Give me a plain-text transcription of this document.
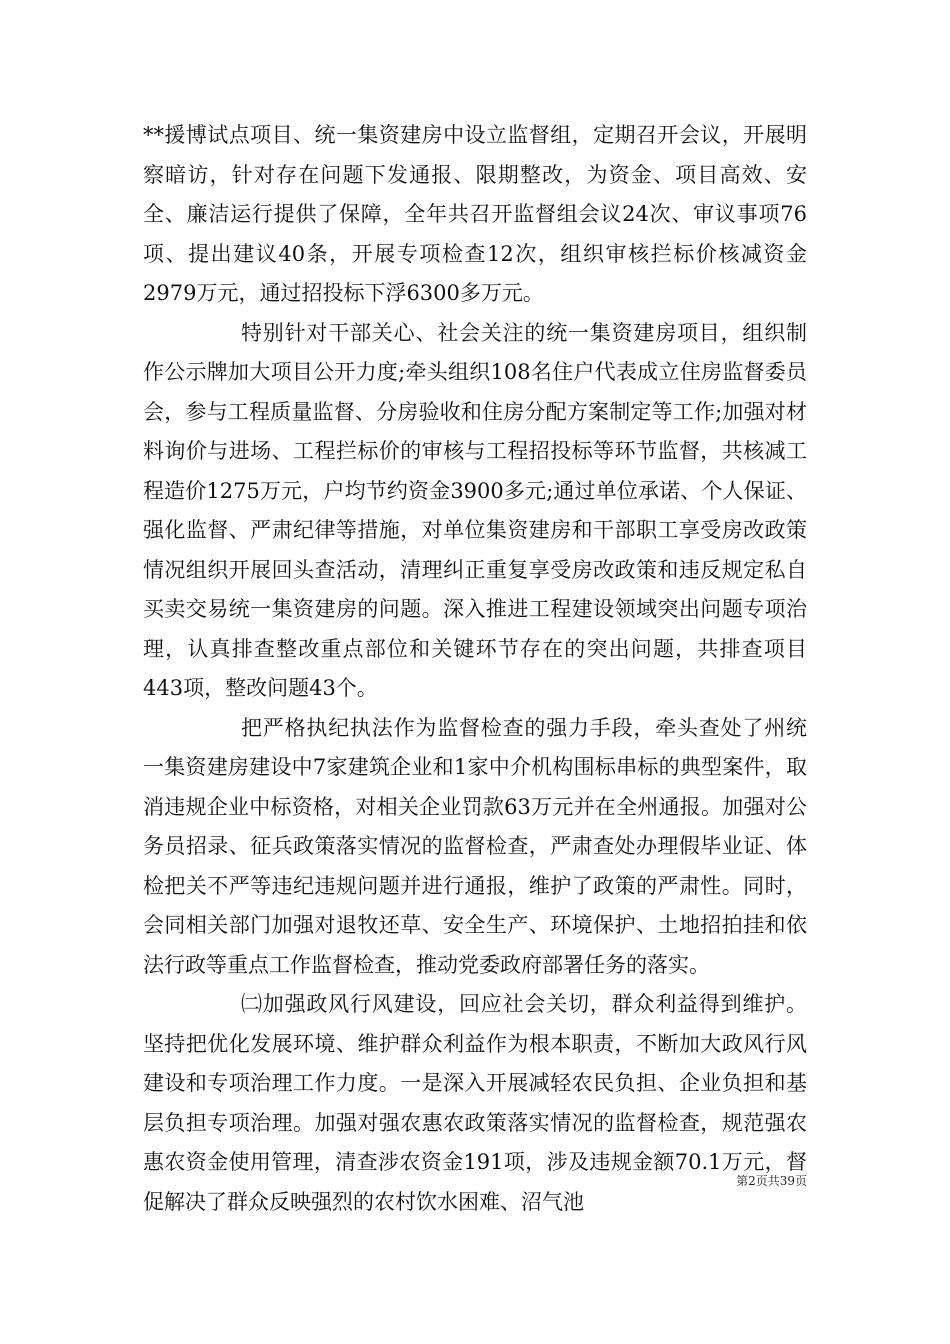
**援博试点项目、统一集资建房中设立监督组，定期召开会议，开展明察暗访，针对存在问题下发通报、限期整改，为资金、项目高效、安全、廉洁运行提供了保障，全年共召开监督组会议24次、审议事项76项、提出建议40条，开展专项检查12次，组织审核拦标价核减资金2979万元，通过招投标下浮6300多万元。

特别针对干部关心、社会关注的统一集资建房项目，组织制作公示牌加大项目公开力度;牵头组织108名住户代表成立住房监督委员会，参与工程质量监督、分房验收和住房分配方案制定等工作;加强对材料询价与进场、工程拦标价的审核与工程招投标等环节监督，共核减工程造价1275万元，户均节约资金3900多元;通过单位承诺、个人保证、强化监督、严肃纪律等措施，对单位集资建房和干部职工享受房改政策情况组织开展回头查活动，清理纠正重复享受房改政策和违反规定私自买卖交易统一集资建房的问题。深入推进工程建设领域突出问题专项治理，认真排查整改重点部位和关键环节存在的突出问题，共排查项目443项，整改问题43个。

把严格执纪执法作为监督检查的强力手段，牵头查处了州统一集资建房建设中7家建筑企业和1家中介机构围标串标的典型案件，取消违规企业中标资格，对相关企业罚款63万元并在全州通报。加强对公务员招录、征兵政策落实情况的监督检查，严肃查处办理假毕业证、体检把关不严等违纪违规问题并进行通报，维护了政策的严肃性。同时，会同相关部门加强对退牧还草、安全生产、环境保护、土地招拍挂和依法行政等重点工作监督检查，推动党委政府部署任务的落实。

㈡加强政风行风建设，回应社会关切，群众利益得到维护。坚持把优化发展环境、维护群众利益作为根本职责，不断加大政风行风建设和专项治理工作力度。一是深入开展减轻农民负担、企业负担和基层负担专项治理。加强对强农惠农政策落实情况的监督检查，规范强农惠农资金使用管理，清查涉农资金191项，涉及违规金额70.1万元，督促解决了群众反映强烈的农村饮水困难、沼气池

第2页共39页
